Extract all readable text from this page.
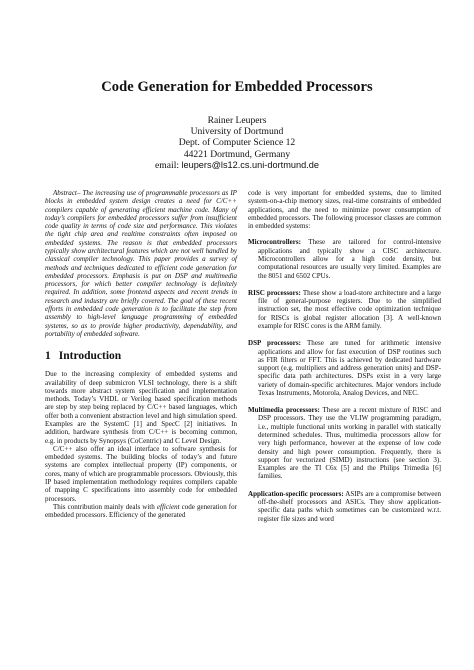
Code Generation for Embedded Processors
Rainer Leupers
University of Dortmund
Dept. of Computer Science 12
44221 Dortmund, Germany
email: leupers@ls12.cs.uni-dortmund.de

Abstract– The increasing use of programmable processors as IP blocks in embedded system design creates a need for C/C++ compilers capable of generating efficient machine code. Many of today’s compilers for embedded processors suffer from insufficient code quality in terms of code size and performance. This violates the tight chip area and realtime constraints often imposed on embedded systems. The reason is that embedded processors typically show architectural features which are not well handled by classical compiler technology. This paper provides a survey of methods and techniques dedicated to efficient code generation for embedded processors. Emphasis is put on DSP and multimedia processors, for which better compiler technology is definitely required. In addition, some frontend aspects and recent trends in research and industry are briefly covered. The goal of these recent efforts in embedded code generation is to facilitate the step from assembly to high-level language programming of embedded systems, so as to provide higher productivity, dependability, and portability of embedded software.

1 Introduction

Due to the increasing complexity of embedded systems and availability of deep submicron VLSI technology, there is a shift towards more abstract system specification and implementation methods. Today’s VHDL or Verilog based specification methods are step by step being replaced by C/C++ based languages, which offer both a convenient abstraction level and high simulation speed. Examples are the SystemC [1] and SpecC [2] initiatives. In addition, hardware synthesis from C/C++ is becoming common, e.g. in products by Synopsys (CoCentric) and C Level Design.

C/C++ also offer an ideal interface to software synthesis for embedded systems. The building blocks of today’s and future systems are complex intellectual property (IP) components, or cores, many of which are programmable processors. Obviously, this IP based implementation methodology requires compilers capable of mapping C specifications into assembly code for embedded processors.

This contribution mainly deals with efficient code generation for embedded processors. Efficiency of the generated

code is very important for embedded systems, due to limited system-on-a-chip memory sizes, real-time constraints of embedded applications, and the need to minimize power consumption of embedded processors. The following processor classes are common in embedded systems:

Microcontrollers: These are tailored for control-intensive applications and typically show a CISC architecture. Microcontrollers allow for a high code density, but computational resources are usually very limited. Examples are the 8051 and 6502 CPUs.

RISC processors: These show a load-store architecture and a large file of general-purpose registers. Due to the simplified instruction set, the most effective code optimization technique for RISCs is global register allocation [3]. A well-known example for RISC cores is the ARM family.

DSP processors: These are tuned for arithmetic intensive applications and allow for fast execution of DSP routines such as FIR filters or FFT. This is achieved by dedicated hardware support (e.g. multipliers and address generation units) and DSP-specific data path architectures. DSPs exist in a very large variety of domain-specific architectures. Major vendors include Texas Instruments, Motorola, Analog Devices, and NEC.

Multimedia processors: These are a recent mixture of RISC and DSP processors. They use the VLIW programming paradigm, i.e., multiple functional units working in parallel with statically determined schedules. Thus, multimedia processors allow for very high performance, however at the expense of low code density and high power consumption. Frequently, there is support for vectorized (SIMD) instructions (see section 3). Examples are the TI C6x [5] and the Philips Trimedia [6] families.

Application-specific processors: ASIPs are a compromise between off-the-shelf processors and ASICs. They show application-specific data paths which sometimes can be customized w.r.t. register file sizes and word
